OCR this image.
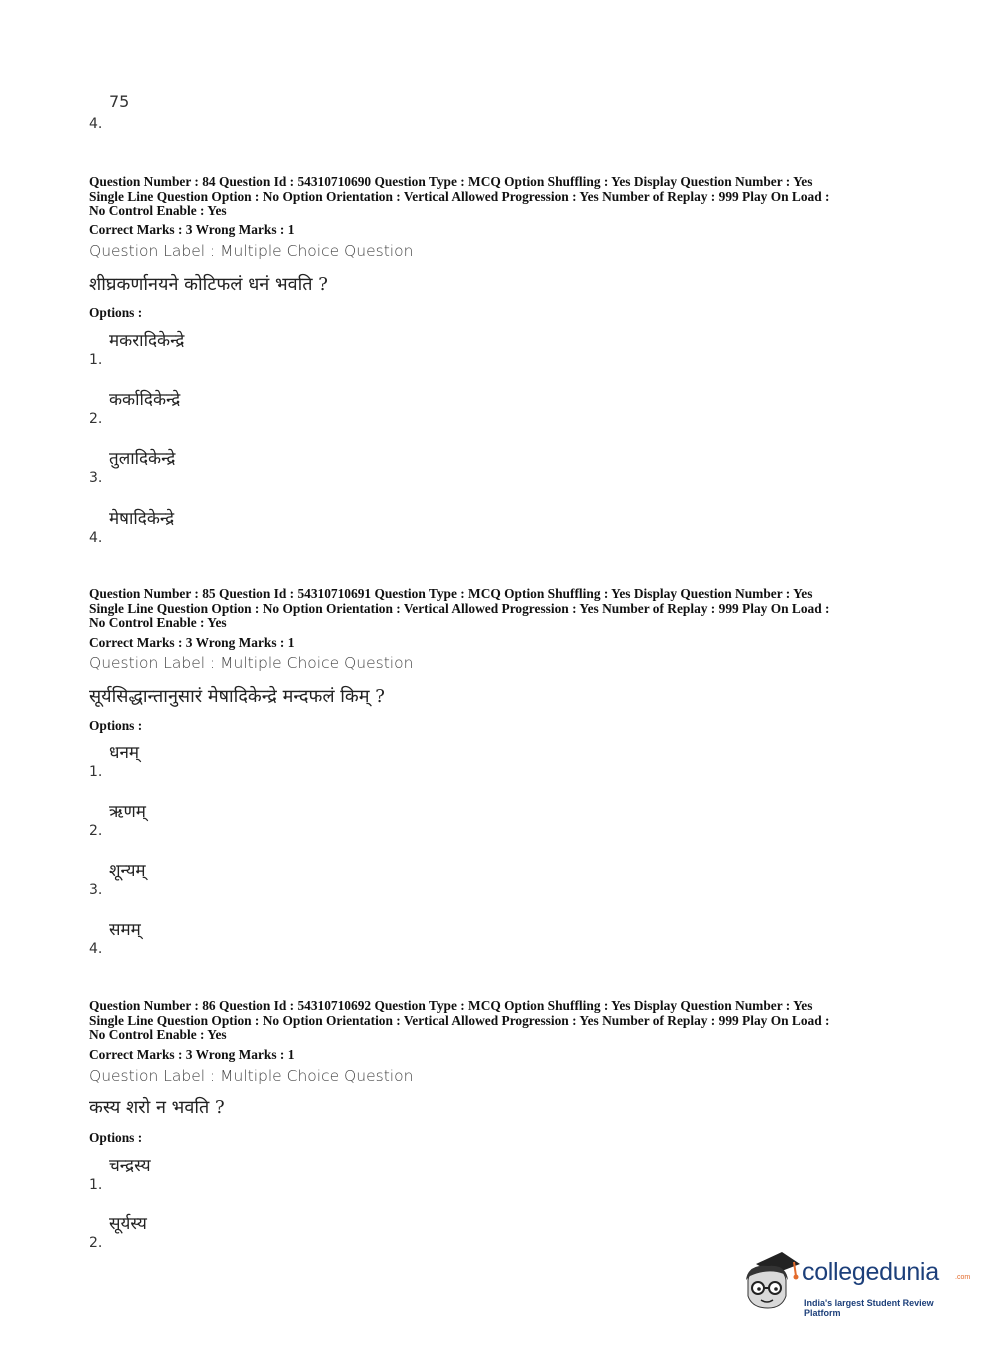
4.
75
Question Number : 84 Question Id : 54310710690 Question Type : MCQ Option Shuffling : Yes Display Question Number : Yes
Single Line Question Option : No Option Orientation : Vertical Allowed Progression : Yes Number of Replay : 999 Play On Load :
No Control Enable : Yes
Correct Marks : 3 Wrong Marks : 1
Question Label : Multiple Choice Question
शीघ्रकर्णानयने कोटिफलं धनं भवति ?
Options :
1.
मकरादिकेन्द्रे
2.
कर्कादिकेन्द्रे
3.
तुलादिकेन्द्रे
4.
मेषादिकेन्द्रे
Question Number : 85 Question Id : 54310710691 Question Type : MCQ Option Shuffling : Yes Display Question Number : Yes
Single Line Question Option : No Option Orientation : Vertical Allowed Progression : Yes Number of Replay : 999 Play On Load :
No Control Enable : Yes
Correct Marks : 3 Wrong Marks : 1
Question Label : Multiple Choice Question
सूर्यसिद्धान्तानुसारं मेषादिकेन्द्रे मन्दफलं किम् ?
Options :
1.
धनम्
2.
ऋणम्
3.
शून्यम्
4.
समम्
Question Number : 86 Question Id : 54310710692 Question Type : MCQ Option Shuffling : Yes Display Question Number : Yes
Single Line Question Option : No Option Orientation : Vertical Allowed Progression : Yes Number of Replay : 999 Play On Load :
No Control Enable : Yes
Correct Marks : 3 Wrong Marks : 1
Question Label : Multiple Choice Question
कस्य शरो न भवति ?
Options :
1.
चन्द्रस्य
2.
सूर्यस्य
collegedunia .com
India's largest Student Review Platform
